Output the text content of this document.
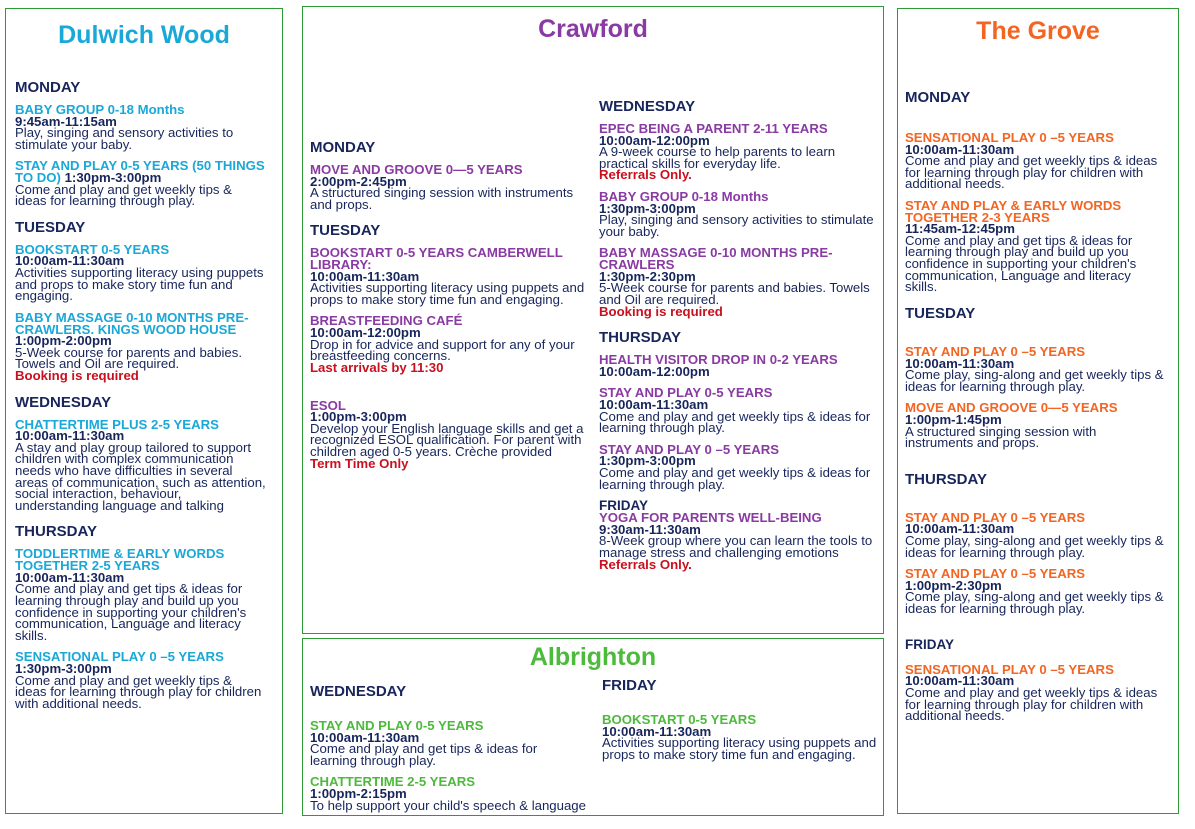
Dulwich Wood
MONDAY
BABY GROUP 0-18 Months
9:45am-11:15am
Play, singing and sensory activities to stimulate your baby.
STAY AND PLAY 0-5 YEARS (50 THINGS TO DO) 1:30pm-3:00pm
Come and play and get weekly tips & ideas for learning through play.
TUESDAY
BOOKSTART 0-5 YEARS
10:00am-11:30am
Activities supporting literacy using puppets and props to make story time fun and engaging.
BABY MASSAGE 0-10 MONTHS PRE-CRAWLERS. KINGS WOOD HOUSE
1:00pm-2:00pm
5-Week course for parents and babies. Towels and Oil are required.
Booking is required
WEDNESDAY
CHATTERTIME PLUS 2-5 YEARS
10:00am-11:30am
A stay and play group tailored to support children with complex communication needs who have difficulties in several areas of communication, such as attention, social interaction, behaviour, understanding language and talking
THURSDAY
TODDLERTIME & EARLY WORDS TOGETHER 2-5 YEARS
10:00am-11:30am
Come and play and get tips & ideas for learning through play and build up you confidence in supporting your children's communication, Language and literacy skills.
SENSATIONAL PLAY 0 –5 YEARS
1:30pm-3:00pm
Come and play and get weekly tips & ideas for learning through play for children with additional needs.
Crawford
MONDAY
MOVE AND GROOVE 0—5 YEARS
2:00pm-2:45pm
A structured singing session with instruments and props.
TUESDAY
BOOKSTART 0-5 YEARS CAMBERWELL LIBRARY:
10:00am-11:30am
Activities supporting literacy using puppets and props to make story time fun and engaging.
BREASTFEEDING CAFÉ
10:00am-12:00pm
Drop in for advice and support for any of your breastfeeding concerns.
Last arrivals by 11:30
ESOL
1:00pm-3:00pm
Develop your English language skills and get a recognized ESOL qualification. For parent with children aged 0-5 years. Crèche provided
Term Time Only
WEDNESDAY
EPEC BEING A PARENT 2-11 YEARS
10:00am-12:00pm
A 9-week course to help parents to learn practical skills for everyday life.
Referrals Only.
BABY GROUP 0-18 Months
1:30pm-3:00pm
Play, singing and sensory activities to stimulate your baby.
BABY MASSAGE 0-10 MONTHS PRE-CRAWLERS
1:30pm-2:30pm
5-Week course for parents and babies. Towels and Oil are required.
Booking is required
THURSDAY
HEALTH VISITOR DROP IN 0-2 YEARS
10:00am-12:00pm
STAY AND PLAY 0-5 YEARS
10:00am-11:30am
Come and play and get weekly tips & ideas for learning through play.
STAY AND PLAY 0 –5 YEARS
1:30pm-3:00pm
Come and play and get weekly tips & ideas for learning through play.
FRIDAY
YOGA FOR PARENTS WELL-BEING
9:30am-11:30am
8-Week group where you can learn the tools to manage stress and challenging emotions
Referrals Only.
Albrighton
WEDNESDAY
STAY AND PLAY 0-5 YEARS
10:00am-11:30am
Come and play and get tips & ideas for learning through play.
CHATTERTIME 2-5 YEARS
1:00pm-2:15pm
To help support your child's speech & language
FRIDAY
BOOKSTART 0-5 YEARS
10:00am-11:30am
Activities supporting literacy using puppets and props to make story time fun and engaging.
The Grove
MONDAY
SENSATIONAL PLAY 0 –5 YEARS
10:00am-11:30am
Come and play and get weekly tips & ideas for learning through play for children with additional needs.
STAY AND PLAY & EARLY WORDS TOGETHER 2-3 YEARS
11:45am-12:45pm
Come and play and get tips & ideas for learning through play and build up you confidence in supporting your children's communication, Language and literacy skills.
TUESDAY
STAY AND PLAY 0 –5 YEARS
10:00am-11:30am
Come play, sing-along and get weekly tips & ideas for learning through play.
MOVE AND GROOVE 0—5 YEARS
1:00pm-1:45pm
A structured singing session with instruments and props.
THURSDAY
STAY AND PLAY 0 –5 YEARS
10:00am-11:30am
Come play, sing-along and get weekly tips & ideas for learning through play.
STAY AND PLAY 0 –5 YEARS
1:00pm-2:30pm
Come play, sing-along and get weekly tips & ideas for learning through play.
FRIDAY
SENSATIONAL PLAY 0 –5 YEARS
10:00am-11:30am
Come and play and get weekly tips & ideas for learning through play for children with additional needs.
